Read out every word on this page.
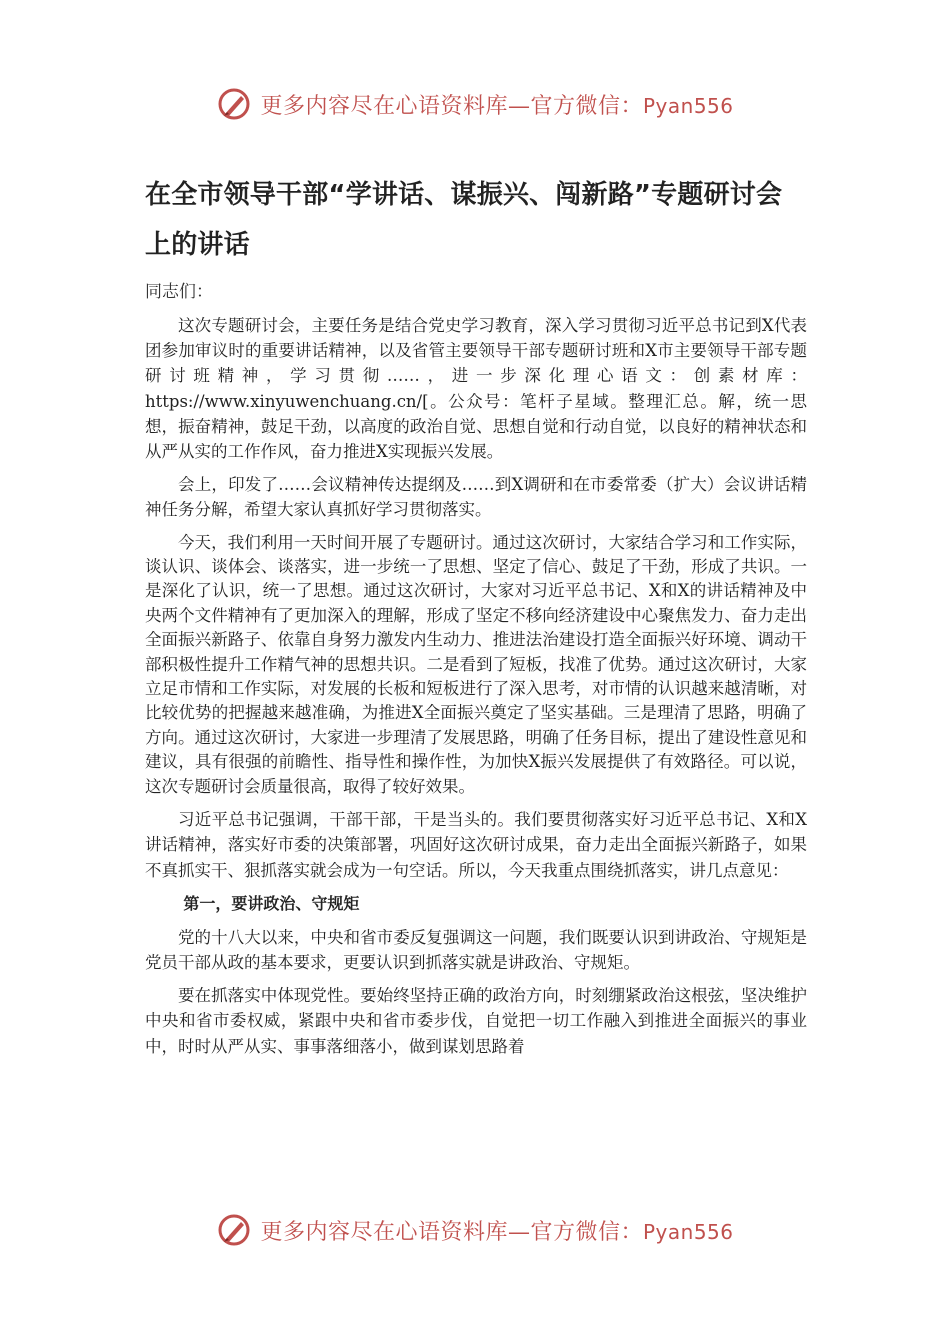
更多内容尽在心语资料库—官方微信：Pyan556
在全市领导干部“学讲话、谋振兴、闯新路”专题研讨会上的讲话

同志们：

这次专题研讨会，主要任务是结合党史学习教育，深入学习贯彻习近平总书记到X代表团参加审议时的重要讲话精神，以及省管主要领导干部专题研讨班和X市主要领导干部专题研讨班精神，学习贯彻……，进一步深化理心语文：创素材库：https://www.xinyuwenchuang.cn/[。公众号：笔杆子星域。整理汇总。解，统一思想，振奋精神，鼓足干劲，以高度的政治自觉、思想自觉和行动自觉，以良好的精神状态和从严从实的工作作风，奋力推进X实现振兴发展。

会上，印发了……会议精神传达提纲及……到X调研和在市委常委（扩大）会议讲话精神任务分解，希望大家认真抓好学习贯彻落实。

今天，我们利用一天时间开展了专题研讨。通过这次研讨，大家结合学习和工作实际，谈认识、谈体会、谈落实，进一步统一了思想、坚定了信心、鼓足了干劲，形成了共识。一是深化了认识，统一了思想。通过这次研讨，大家对习近平总书记、X和X的讲话精神及中央两个文件精神有了更加深入的理解，形成了坚定不移向经济建设中心聚焦发力、奋力走出全面振兴新路子、依靠自身努力激发内生动力、推进法治建设打造全面振兴好环境、调动干部积极性提升工作精气神的思想共识。二是看到了短板，找准了优势。通过这次研讨，大家立足市情和工作实际，对发展的长板和短板进行了深入思考，对市情的认识越来越清晰，对比较优势的把握越来越准确，为推进X全面振兴奠定了坚实基础。三是理清了思路，明确了方向。通过这次研讨，大家进一步理清了发展思路，明确了任务目标，提出了建设性意见和建议，具有很强的前瞻性、指导性和操作性，为加快X振兴发展提供了有效路径。可以说，这次专题研讨会质量很高，取得了较好效果。

习近平总书记强调，干部干部，干是当头的。我们要贯彻落实好习近平总书记、X和X讲话精神，落实好市委的决策部署，巩固好这次研讨成果，奋力走出全面振兴新路子，如果不真抓实干、狠抓落实就会成为一句空话。所以，今天我重点围绕抓落实，讲几点意见：

第一，要讲政治、守规矩

党的十八大以来，中央和省市委反复强调这一问题，我们既要认识到讲政治、守规矩是党员干部从政的基本要求，更要认识到抓落实就是讲政治、守规矩。

要在抓落实中体现党性。要始终坚持正确的政治方向，时刻绷紧政治这根弦，坚决维护中央和省市委权威，紧跟中央和省市委步伐，自觉把一切工作融入到推进全面振兴的事业中，时时从严从实、事事落细落小，做到谋划思路着

更多内容尽在心语资料库—官方微信：Pyan556
